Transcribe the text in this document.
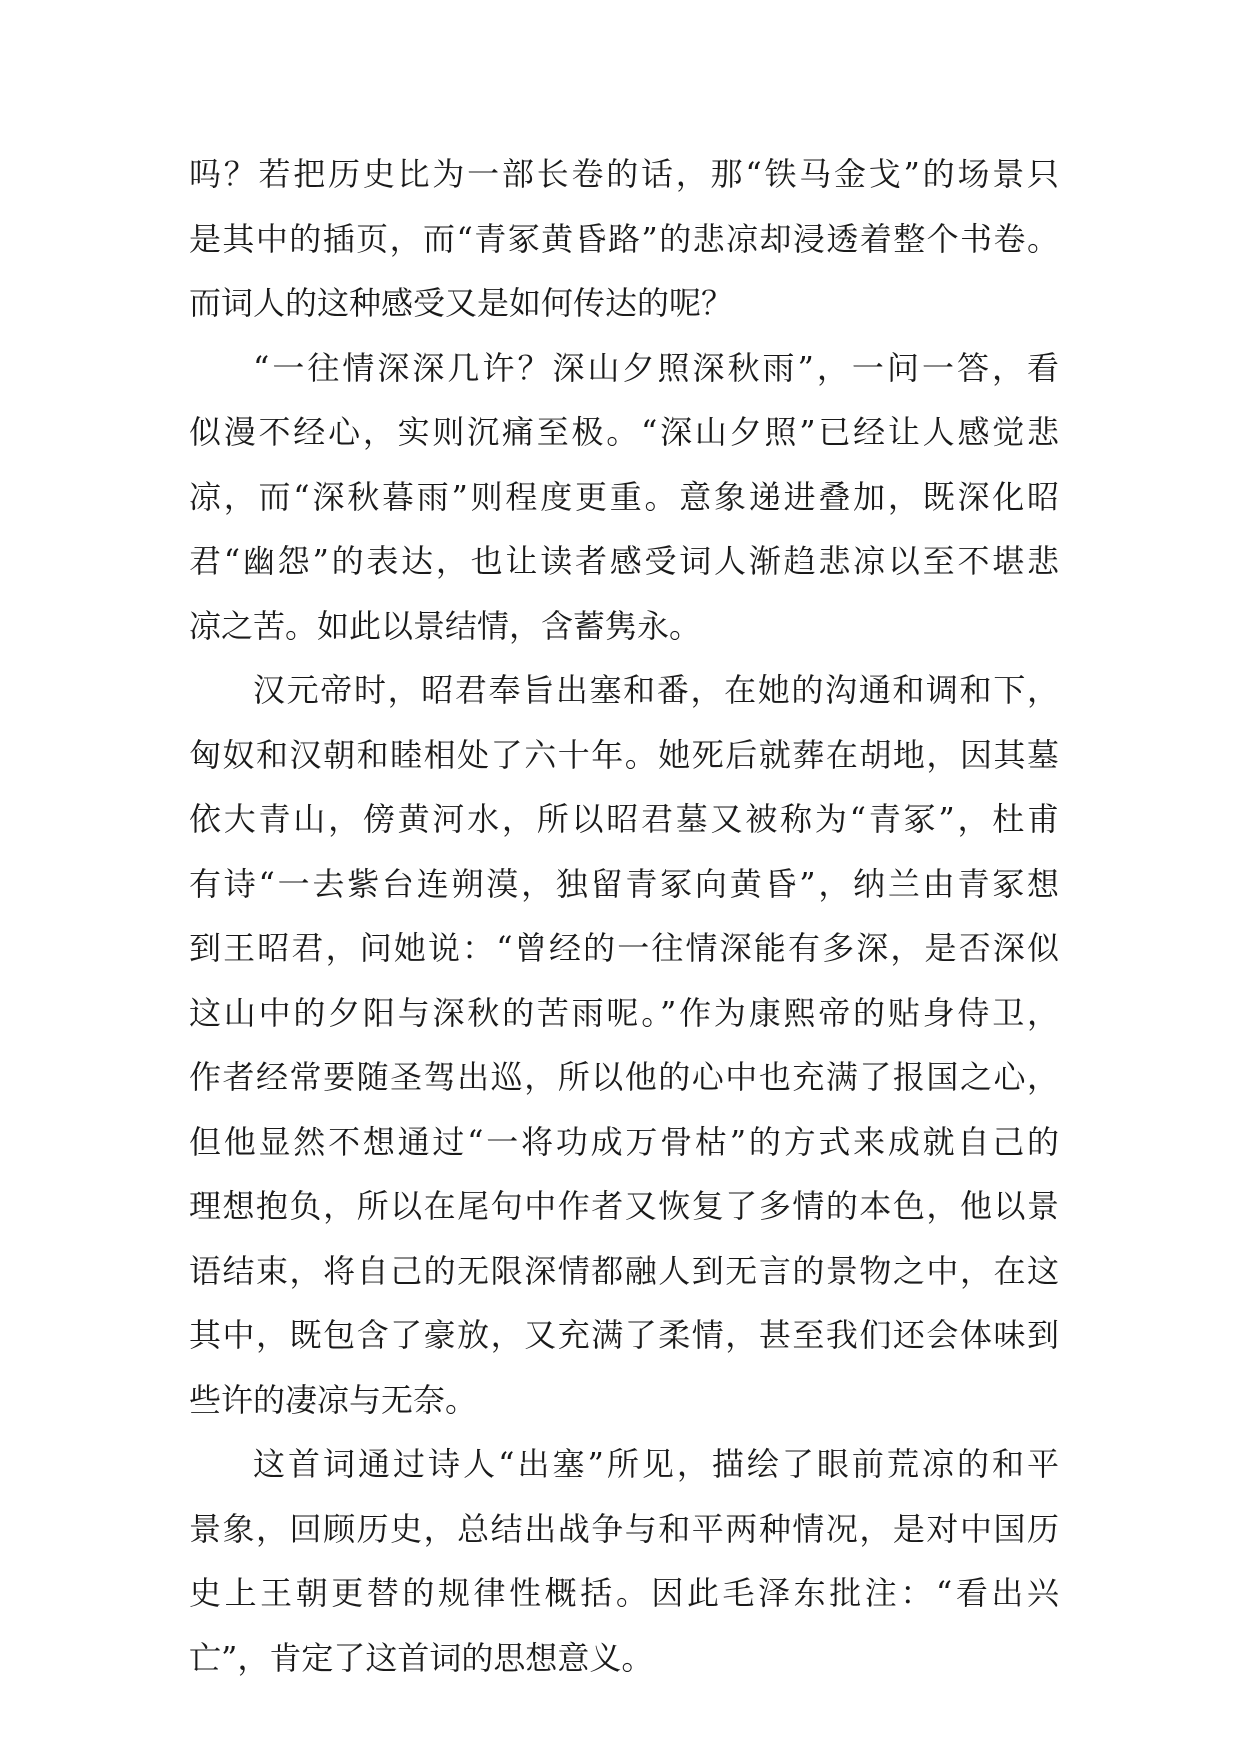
吗？若把历史比为一部长卷的话，那“铁马金戈”的场景只
是其中的插页，而“青冢黄昏路”的悲凉却浸透着整个书卷。
而词人的这种感受又是如何传达的呢？
“一往情深深几许？深山夕照深秋雨”，一问一答，看
似漫不经心，实则沉痛至极。“深山夕照”已经让人感觉悲
凉，而“深秋暮雨”则程度更重。意象递进叠加，既深化昭
君“幽怨”的表达，也让读者感受词人渐趋悲凉以至不堪悲
凉之苦。如此以景结情，含蓄隽永。
汉元帝时，昭君奉旨出塞和番，在她的沟通和调和下，
匈奴和汉朝和睦相处了六十年。她死后就葬在胡地，因其墓
依大青山，傍黄河水，所以昭君墓又被称为“青冢”，杜甫
有诗“一去紫台连朔漠，独留青冢向黄昏”，纳兰由青冢想
到王昭君，问她说：“曾经的一往情深能有多深，是否深似
这山中的夕阳与深秋的苦雨呢。”作为康熙帝的贴身侍卫，
作者经常要随圣驾出巡，所以他的心中也充满了报国之心，
但他显然不想通过“一将功成万骨枯”的方式来成就自己的
理想抱负，所以在尾句中作者又恢复了多情的本色，他以景
语结束，将自己的无限深情都融人到无言的景物之中，在这
其中，既包含了豪放，又充满了柔情，甚至我们还会体味到
些许的凄凉与无奈。
这首词通过诗人“出塞”所见，描绘了眼前荒凉的和平
景象，回顾历史，总结出战争与和平两种情况，是对中国历
史上王朝更替的规律性概括。因此毛泽东批注：“看出兴
亡”，肯定了这首词的思想意义。
